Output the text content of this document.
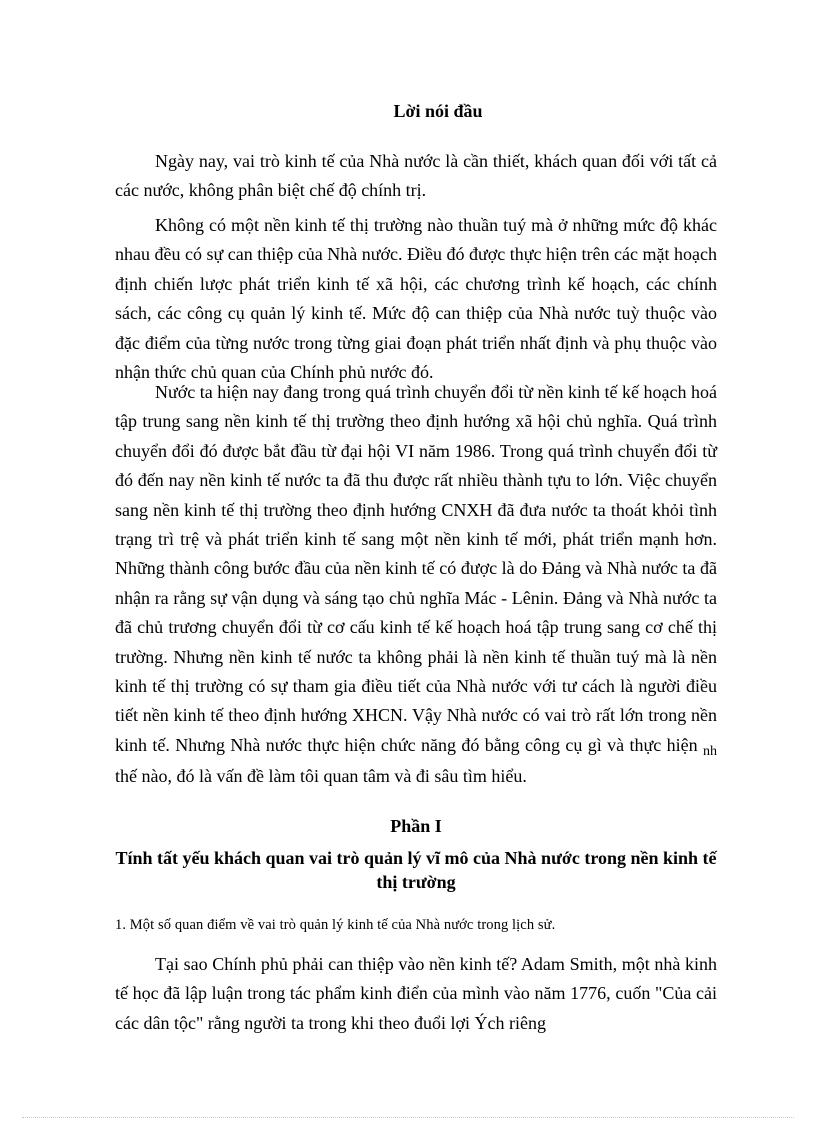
Lời nói đầu

Ngày nay, vai trò kinh tế của Nhà nước là cần thiết, khách quan đối với tất cả các nước, không phân biệt chế độ chính trị.

Không có một nền kinh tế thị trường nào thuần tuý mà ở những mức độ khác nhau đều có sự can thiệp của Nhà nước. Điều đó được thực hiện trên các mặt hoạch định chiến lược phát triển kinh tế xã hội, các chương trình kế hoạch, các chính sách, các công cụ quản lý kinh tế. Mức độ can thiệp của Nhà nước tuỳ thuộc vào đặc điểm của từng nước trong từng giai đoạn phát triển nhất định và phụ thuộc vào nhận thức chủ quan của Chính phủ nước đó.

Nước ta hiện nay đang trong quá trình chuyển đổi từ nền kinh tế kế hoạch hoá tập trung sang nền kinh tế thị trường theo định hướng xã hội chủ nghĩa. Quá trình chuyển đổi đó được bắt đầu từ đại hội VI năm 1986. Trong quá trình chuyển đổi từ đó đến nay nền kinh tế nước ta đã thu được rất nhiều thành tựu to lớn. Việc chuyển sang nền kinh tế thị trường theo định hướng CNXH đã đưa nước ta thoát khỏi tình trạng trì trệ và phát triển kinh tế sang một nền kinh tế mới, phát triển mạnh hơn. Những thành công bước đầu của nền kinh tế có được là do Đảng và Nhà nước ta đã nhận ra rằng sự vận dụng và sáng tạo chủ nghĩa Mác - Lênin. Đảng và Nhà nước ta đã chủ trương chuyển đổi từ cơ cấu kinh tế kế hoạch hoá tập trung sang cơ chế thị trường. Nhưng nền kinh tế nước ta không phải là nền kinh tế thuần tuý mà là nền kinh tế thị trường có sự tham gia điều tiết của Nhà nước với tư cách là người điều tiết nền kinh tế theo định hướng XHCN. Vậy Nhà nước có vai trò rất lớn trong nền kinh tế. Nhưng Nhà nước thực hiện chức năng đó bằng công cụ gì và thực hiện $_{nh}$ thế nào, đó là vấn đề làm tôi quan tâm và đi sâu tìm hiểu.

Phần I
Tính tất yếu khách quan vai trò quản lý vĩ mô của Nhà nước trong nền kinh tế thị trường
1. Một số quan điểm về vai trò quản lý kinh tế của Nhà nước trong lịch sử.

Tại sao Chính phủ phải can thiệp vào nền kinh tế? Adam Smith, một nhà kinh tế học đã lập luận trong tác phẩm kinh điển của mình vào năm 1776, cuốn "Của cải các dân tộc" rằng người ta trong khi theo đuổi lợi Ých riêng
